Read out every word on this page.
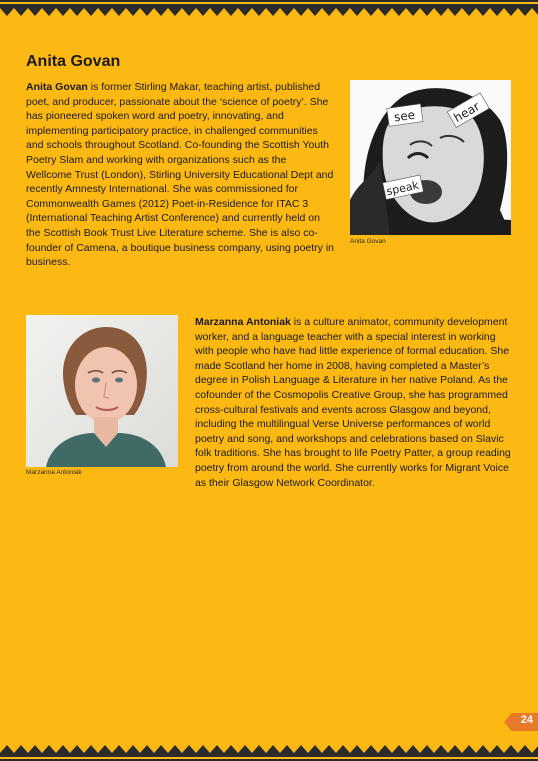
Anita Govan

Anita Govan is former Stirling Makar, teaching artist, published poet, and producer, passionate about the ‘science of poetry’. She has pioneered spoken word and poetry, innovating, and implementing participatory practice, in challenged communities and schools throughout Scotland. Co-founding the Scottish Youth Poetry Slam and working with organizations such as the Wellcome Trust (London), Stirling University Educational Dept and recently Amnesty International. She was commissioned for Commonwealth Games (2012) Poet-in-Residence for ITAC 3 (International Teaching Artist Conference) and currently held on the Scottish Book Trust Live Literature scheme. She is also co- founder of Camena, a boutique business company, using poetry in business.

see	hear
speak

Anita Govan

Marzanna Antoniak

Marzanna Antoniak is a culture animator, community development worker, and a language teacher with a special interest in working with people who have had little experience of formal education. She made Scotland her home in 2008, having completed a Master’s degree in Polish Language & Literature in her native Poland. As the cofounder of the Cosmopolis Creative Group, she has programmed cross-cultural festivals and events across Glasgow and beyond, including the multilingual Verse Universe performances of world poetry and song, and workshops and celebrations based on Slavic folk traditions. She has brought to life Poetry Patter, a group reading poetry from around the world. She currently works for Migrant Voice as their Glasgow Network Coordinator.

24
